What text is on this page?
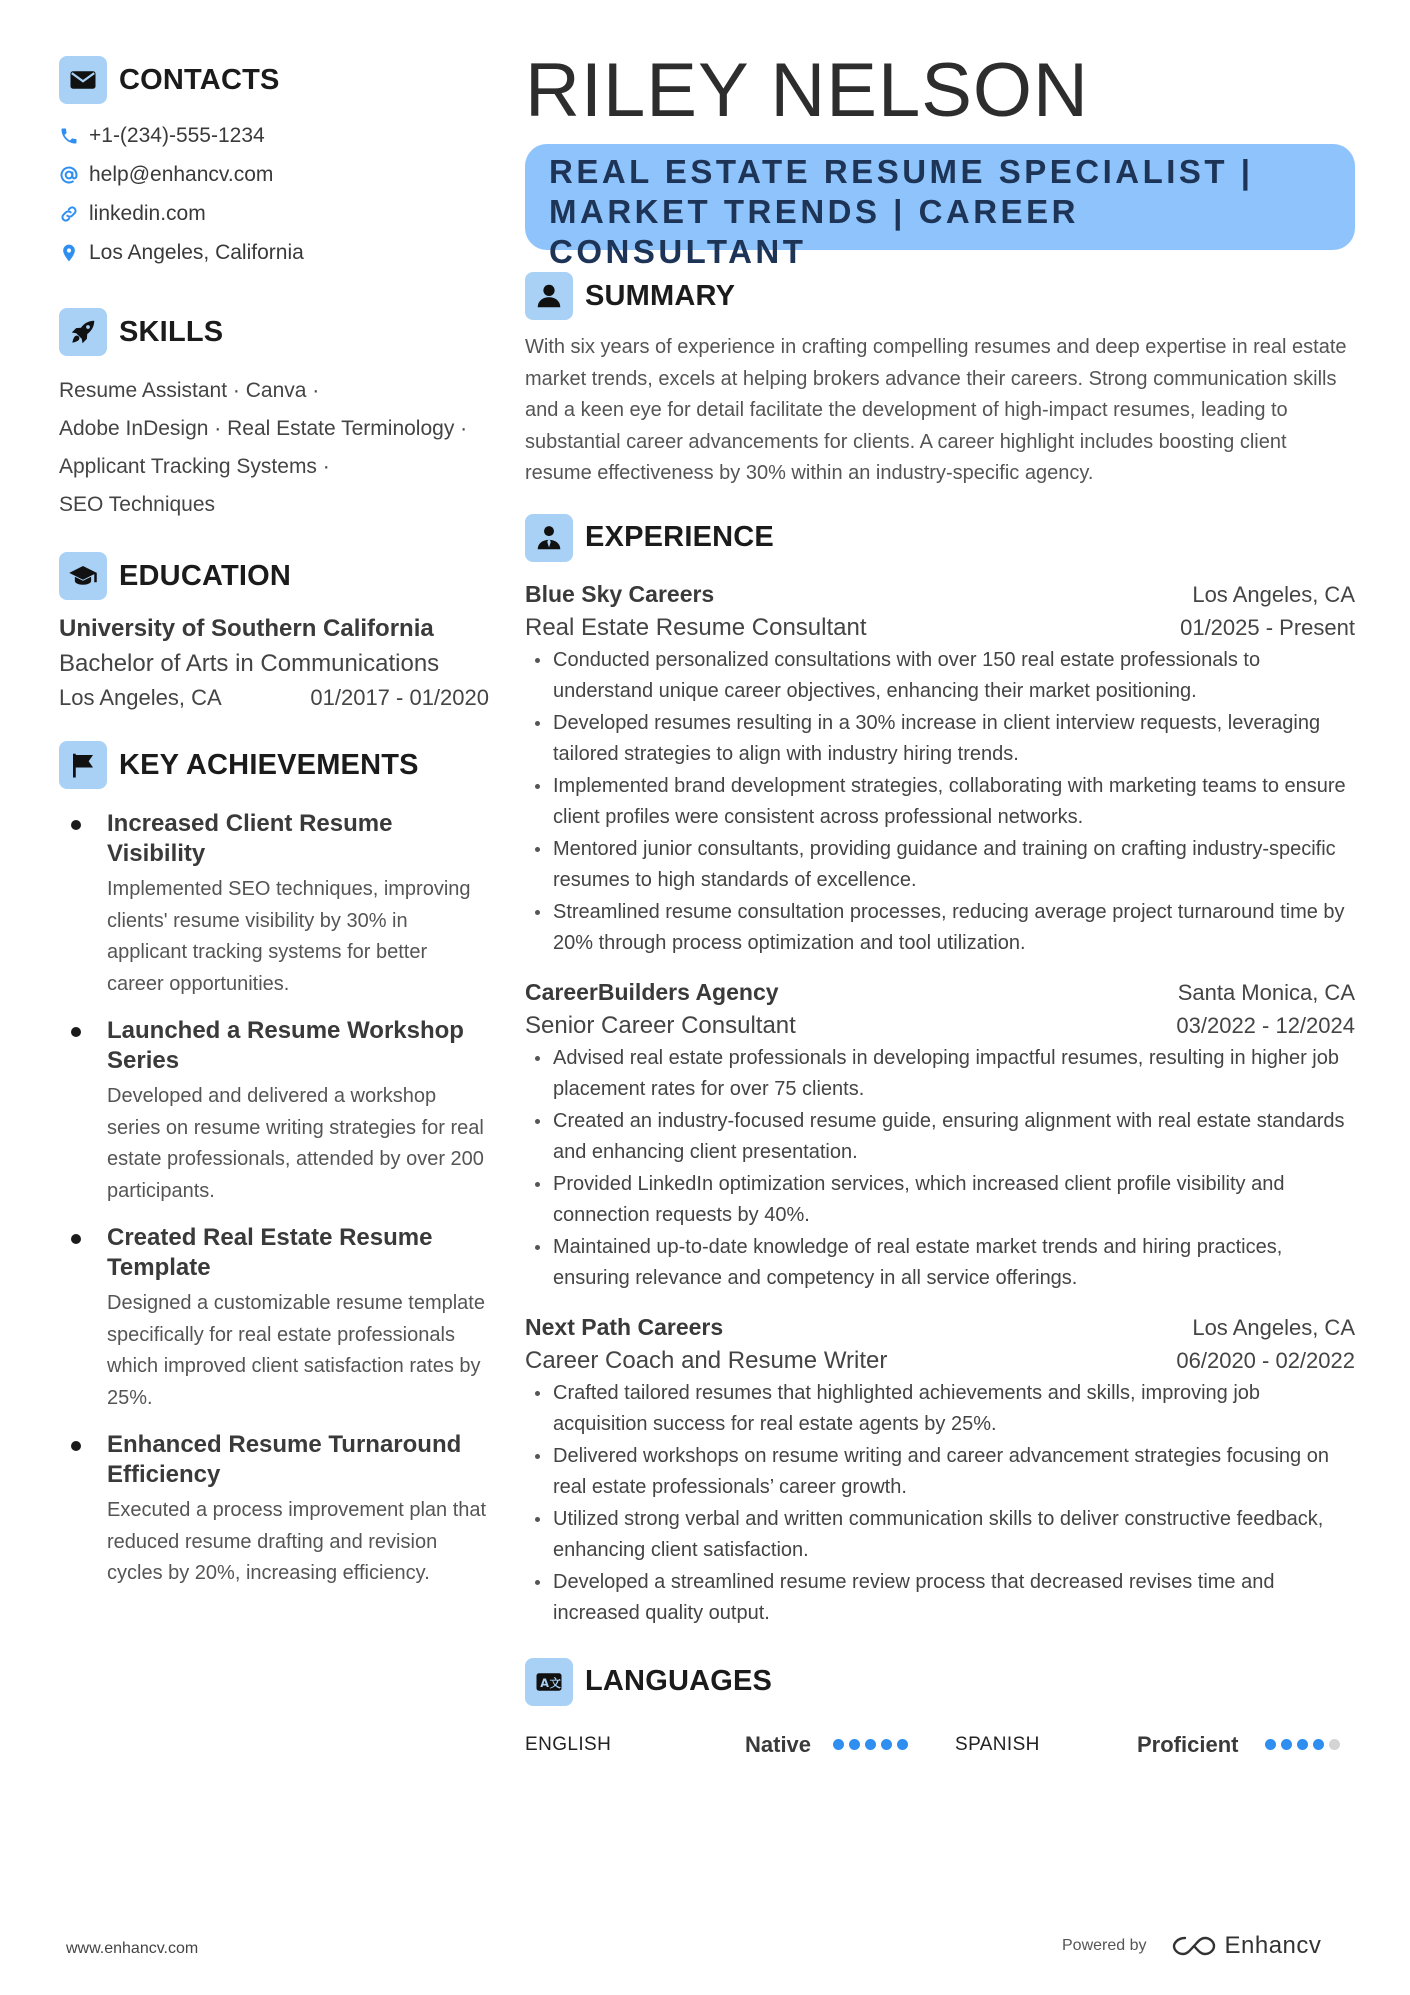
CONTACTS
+1-(234)-555-1234
help@enhancv.com
linkedin.com
Los Angeles, California
SKILLS
Resume Assistant · Canva ·
Adobe InDesign · Real Estate Terminology ·
Applicant Tracking Systems ·
SEO Techniques
EDUCATION
University of Southern California
Bachelor of Arts in Communications
Los Angeles, CA	01/2017 - 01/2020
KEY ACHIEVEMENTS
Increased Client Resume Visibility
Implemented SEO techniques, improving clients' resume visibility by 30% in applicant tracking systems for better career opportunities.
Launched a Resume Workshop Series
Developed and delivered a workshop series on resume writing strategies for real estate professionals, attended by over 200 participants.
Created Real Estate Resume Template
Designed a customizable resume template specifically for real estate professionals which improved client satisfaction rates by 25%.
Enhanced Resume Turnaround Efficiency
Executed a process improvement plan that reduced resume drafting and revision cycles by 20%, increasing efficiency.
RILEY NELSON
REAL ESTATE RESUME SPECIALIST |
MARKET TRENDS | CAREER CONSULTANT
SUMMARY
With six years of experience in crafting compelling resumes and deep expertise in real estate market trends, excels at helping brokers advance their careers. Strong communication skills and a keen eye for detail facilitate the development of high-impact resumes, leading to substantial career advancements for clients. A career highlight includes boosting client resume effectiveness by 30% within an industry-specific agency.
EXPERIENCE
Blue Sky Careers	Los Angeles, CA
Real Estate Resume Consultant	01/2025 - Present
Conducted personalized consultations with over 150 real estate professionals to understand unique career objectives, enhancing their market positioning.
Developed resumes resulting in a 30% increase in client interview requests, leveraging tailored strategies to align with industry hiring trends.
Implemented brand development strategies, collaborating with marketing teams to ensure client profiles were consistent across professional networks.
Mentored junior consultants, providing guidance and training on crafting industry-specific resumes to high standards of excellence.
Streamlined resume consultation processes, reducing average project turnaround time by 20% through process optimization and tool utilization.
CareerBuilders Agency	Santa Monica, CA
Senior Career Consultant	03/2022 - 12/2024
Advised real estate professionals in developing impactful resumes, resulting in higher job placement rates for over 75 clients.
Created an industry-focused resume guide, ensuring alignment with real estate standards and enhancing client presentation.
Provided LinkedIn optimization services, which increased client profile visibility and connection requests by 40%.
Maintained up-to-date knowledge of real estate market trends and hiring practices, ensuring relevance and competency in all service offerings.
Next Path Careers	Los Angeles, CA
Career Coach and Resume Writer	06/2020 - 02/2022
Crafted tailored resumes that highlighted achievements and skills, improving job acquisition success for real estate agents by 25%.
Delivered workshops on resume writing and career advancement strategies focusing on real estate professionals’ career growth.
Utilized strong verbal and written communication skills to deliver constructive feedback, enhancing client satisfaction.
Developed a streamlined resume review process that decreased revises time and increased quality output.
A 文 LANGUAGES
ENGLISH	Native	SPANISH	Proficient
www.enhancv.com	Powered by	Enhancv
